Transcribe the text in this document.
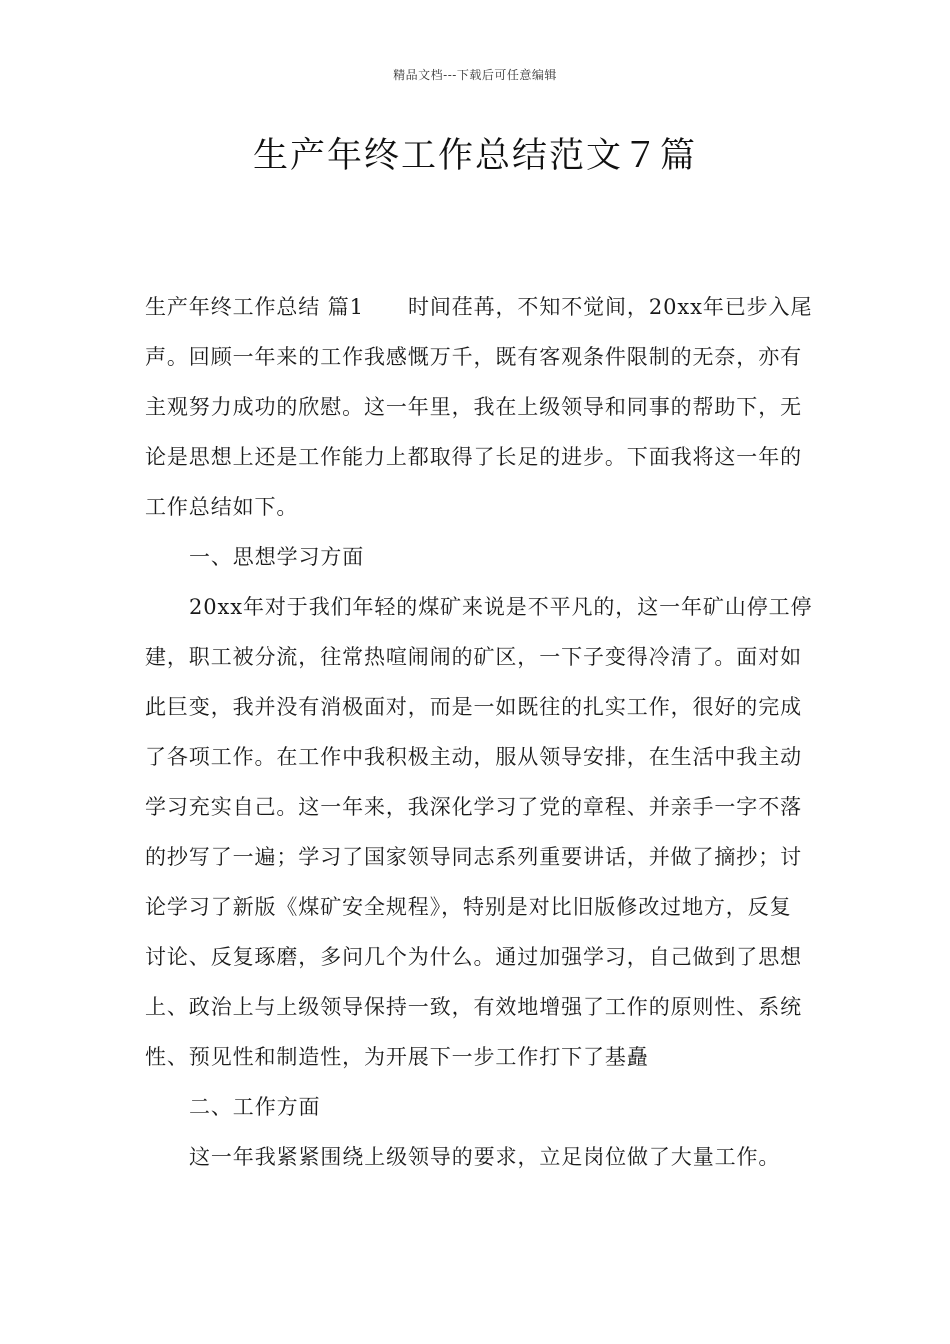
精品文档---下载后可任意编辑
生产年终工作总结范文７篇

生产年终工作总结 篇1 时间荏苒，不知不觉间，20xx年已步入尾声。回顾一年来的工作我感慨万千，既有客观条件限制的无奈，亦有主观努力成功的欣慰。这一年里，我在上级领导和同事的帮助下，无论是思想上还是工作能力上都取得了长足的进步。下面我将这一年的工作总结如下。

一、思想学习方面

20xx年对于我们年轻的煤矿来说是不平凡的，这一年矿山停工停建，职工被分流，往常热喧闹闹的矿区，一下子变得冷清了。面对如此巨变，我并没有消极面对，而是一如既往的扎实工作，很好的完成了各项工作。在工作中我积极主动，服从领导安排，在生活中我主动学习充实自己。这一年来，我深化学习了党的章程、并亲手一字不落的抄写了一遍；学习了国家领导同志系列重要讲话，并做了摘抄；讨论学习了新版《煤矿安全规程》，特别是对比旧版修改过地方，反复讨论、反复琢磨，多问几个为什么。通过加强学习，自己做到了思想上、政治上与上级领导保持一致，有效地增强了工作的原则性、系统性、预见性和制造性，为开展下一步工作打下了基矗

二、工作方面

这一年我紧紧围绕上级领导的要求，立足岗位做了大量工作。
